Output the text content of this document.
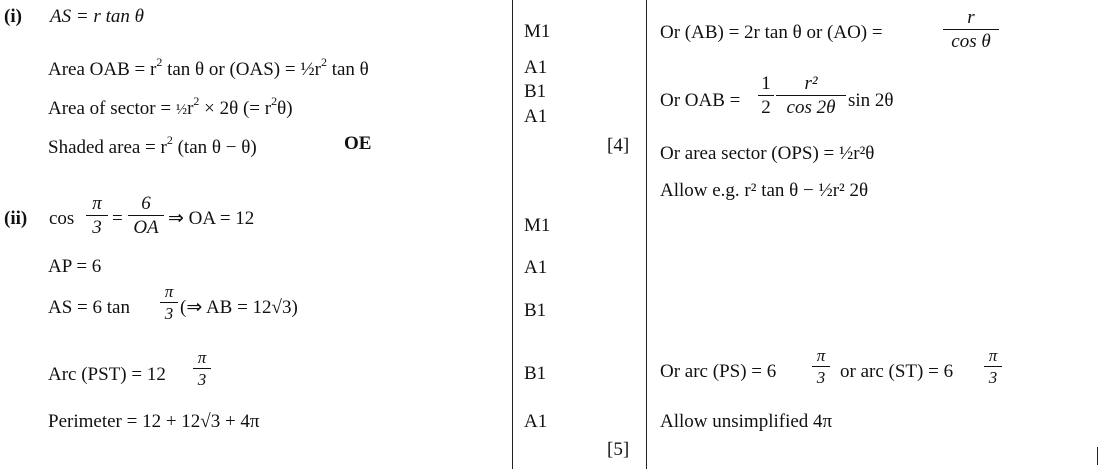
(i) AS = r tan θ
Area OAB = $r^2$ tan θ or $(OAS) = \frac{1}{2}r^2$ tan θ
Area of sector = $\frac{1}{2}r^2 \times 2\theta$ (= $r^2\theta$)
Shaded area = $r^2$ (tan θ − θ)	OE
(ii) $\cos \frac{\pi}{3} = \frac{6}{OA}$ ⇒ OA = 12
AP = 6
AS = 6 $\tan \frac{\pi}{3}$ (⇒ AB = 12√3)
Arc $(PST) = 12 \frac{\pi}{3}$
Perimeter = 12 + 12√3 + 4π
M1
A1
B1
A1
M1
A1
B1
B1
A1
[4]
[5]
Or (AB) = 2r tan θ or (AO) =	$\frac{r}{\text{cos θ}}$
Or OAB = $\frac{1}{2} \frac{\text{r²}}{\cos 2\theta}$ sin 2θ
Or area sector (OPS) = ½r²θ
Allow e.g. r² tan θ − ½r² 2θ
Or arc $(PS) = 6 \frac{\pi}{3}$ or arc $(ST) = 6 \frac{\pi}{3}$
Allow unsimplified 4π
